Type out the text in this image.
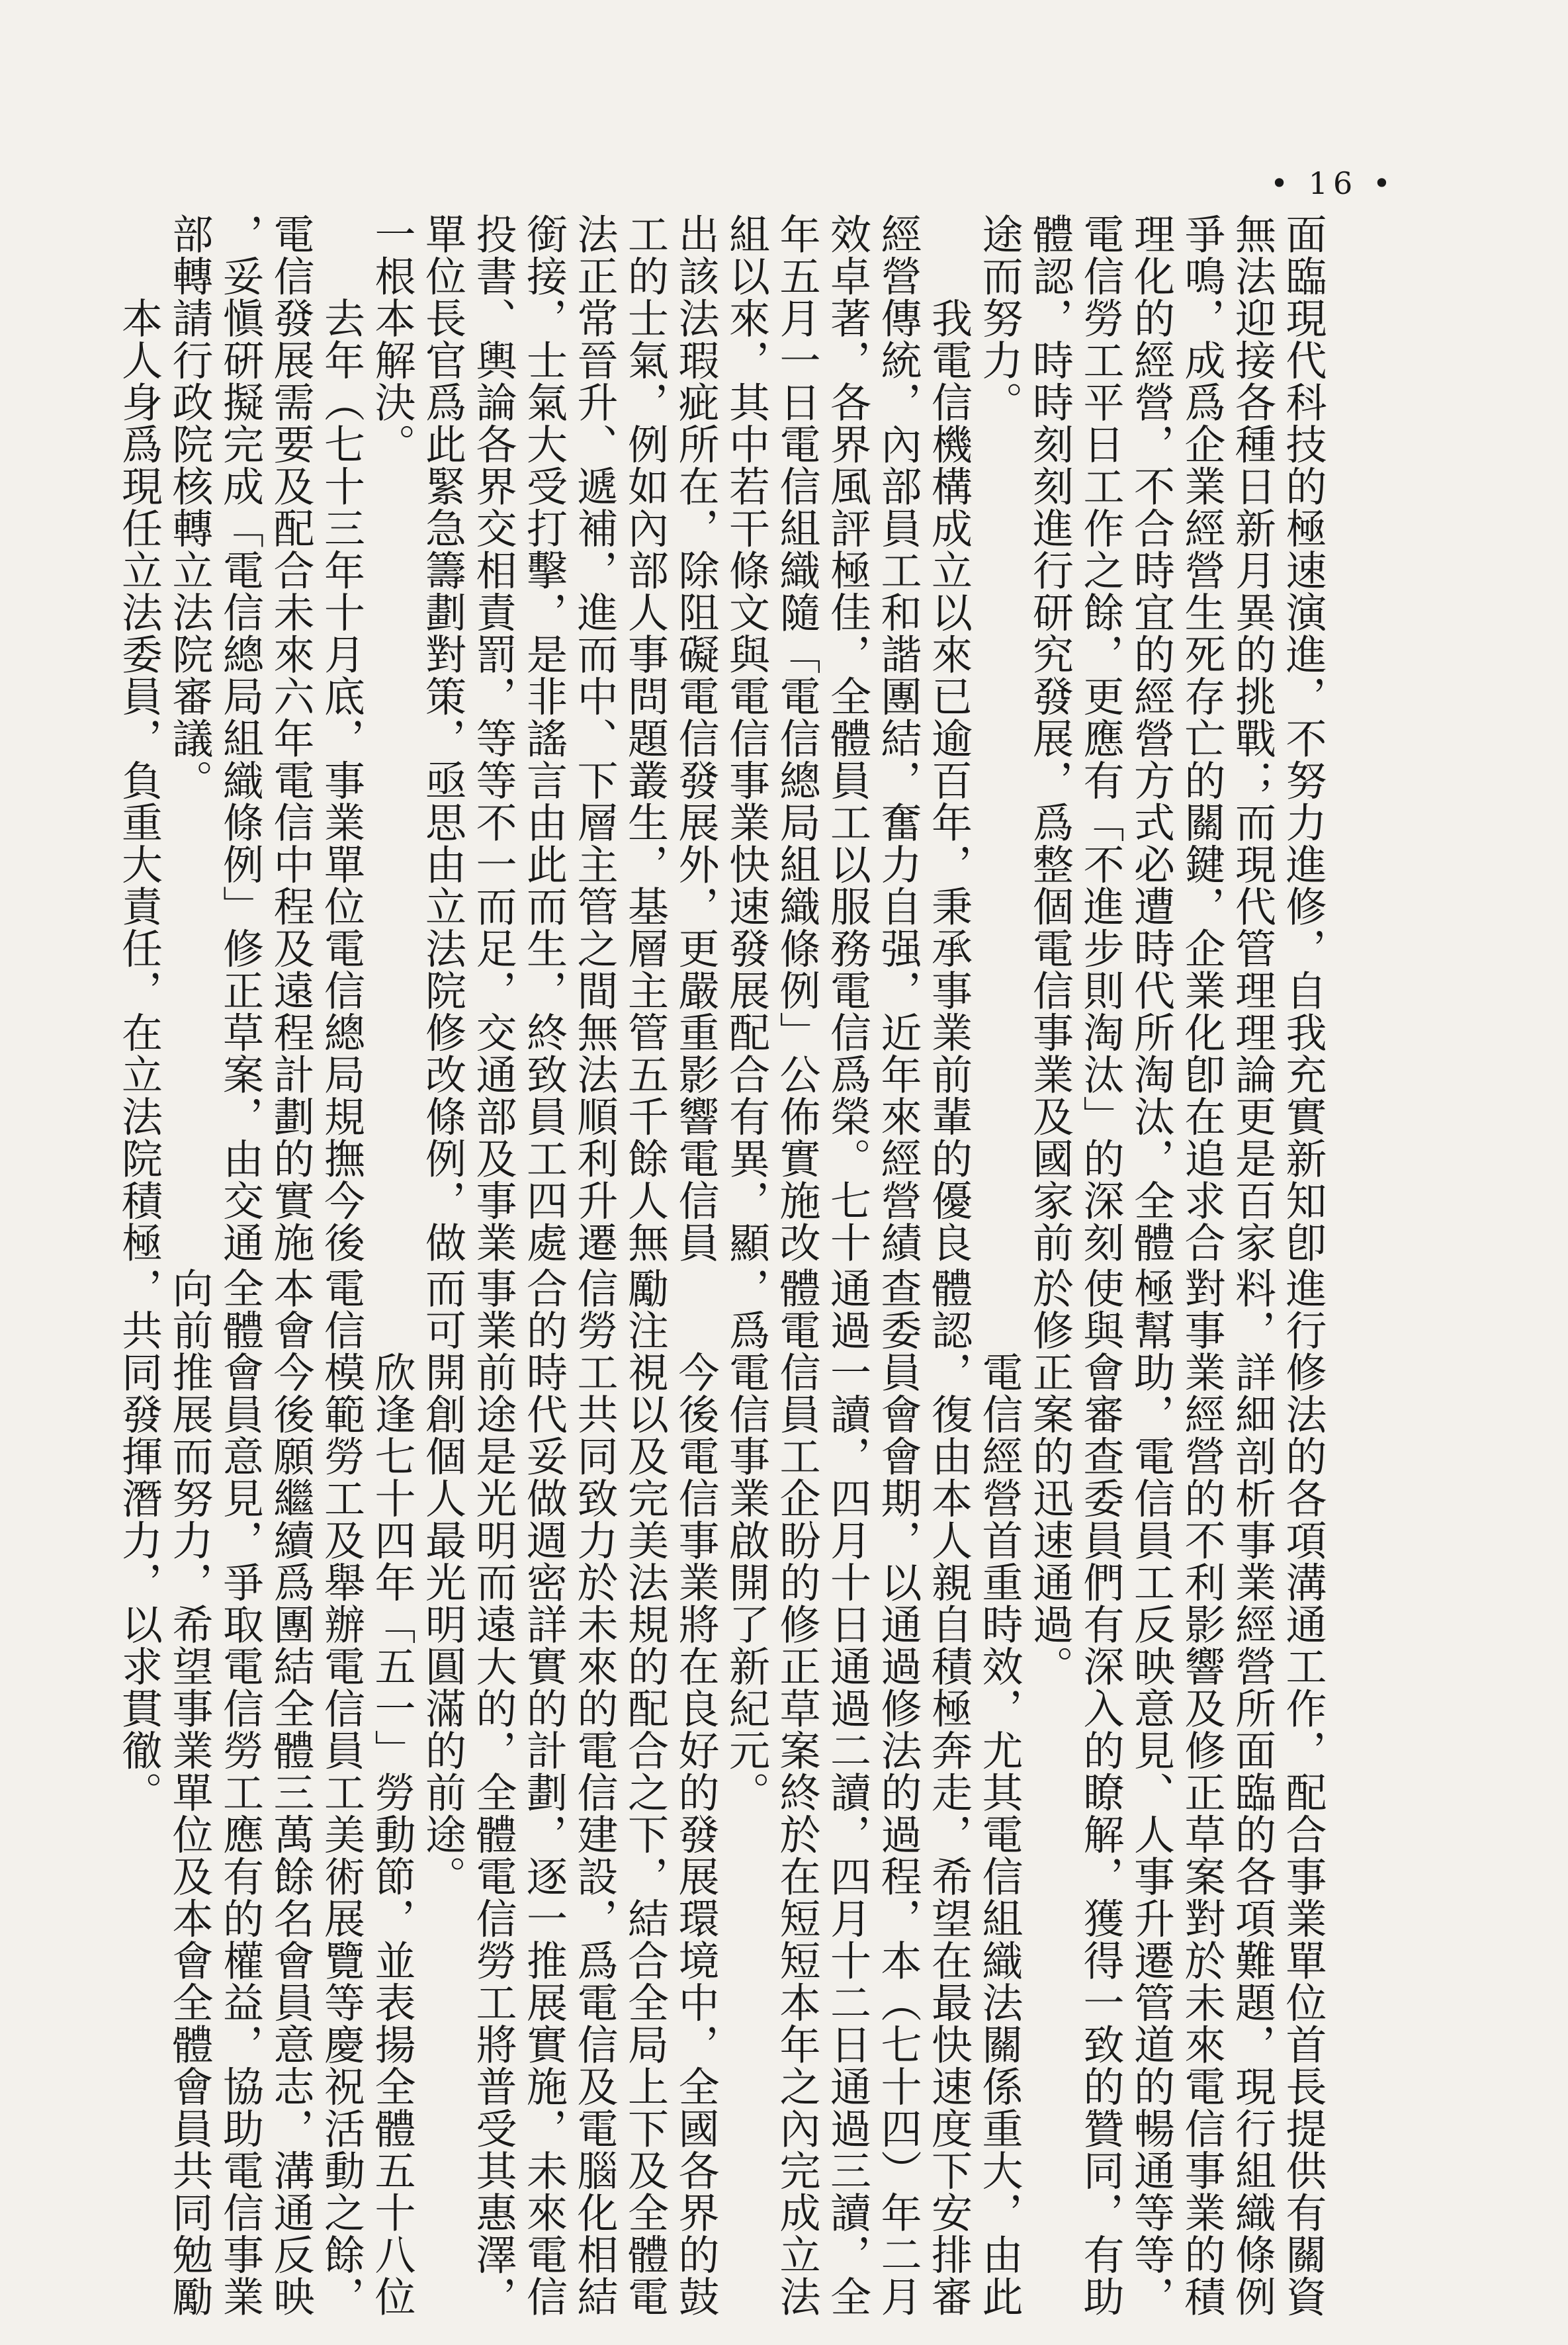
• 16 •
面臨現代科技的極速演進，不努力進修，自我充實新知卽
無法迎接各種日新月異的挑戰；而現代管理理論更是百家
爭鳴，成爲企業經營生死存亡的關鍵，企業化卽在追求合
理化的經營，不合時宜的經營方式必遭時代所淘汰，全體
電信勞工平日工作之餘，更應有「不進步則淘汰」的深刻
體認，時時刻刻進行研究發展，爲整個電信事業及國家前
途而努力。
　　我電信機構成立以來已逾百年，秉承事業前輩的優良
經營傳統，內部員工和諧團結，奮力自强，近年來經營績
效卓著，各界風評極佳，全體員工以服務電信爲榮。七十
年五月一日電信組織隨「電信總局組織條例」公佈實施改
組以來，其中若干條文與電信事業快速發展配合有異，顯
出該法瑕疵所在，除阻礙電信發展外，更嚴重影響電信員
工的士氣，例如內部人事問題叢生，基層主管五千餘人無
法正常晉升、遞補，進而中、下層主管之間無法順利升遷
銜接，士氣大受打擊，是非謠言由此而生，終致員工四處
投書、輿論各界交相責罰，等等不一而足，交通部及事業
單位長官爲此緊急籌劃對策，亟思由立法院修改條例，做
一根本解決。
　　去年（七十三年十月底，事業單位電信總局規撫今後
電信發展需要及配合未來六年電信中程及遠程計劃的實施
，妥愼硏擬完成「電信總局組織條例」修正草案，由交通
部轉請行政院核轉立法院審議。
　　本人身爲現任立法委員，負重大責任，在立法院積極
進行修法的各項溝通工作，配合事業單位首長提供有關資
料，詳細剖析事業經營所面臨的各項難題，現行組織條例
對事業經營的不利影響及修正草案對於未來電信事業的積
極幫助，電信員工反映意見、人事升遷管道的暢通等等，
使與會審查委員們有深入的瞭解，獲得一致的贊同，有助
於修正案的迅速通過。
　　電信經營首重時效，尤其電信組織法關係重大，由此
體認，復由本人親自積極奔走，希望在最快速度下安排審
查委員會會期，以通過修法的過程，本（七十四）年二月
通過一讀，四月十日通過二讀，四月十二日通過三讀，全
體電信員工企盼的修正草案終於在短短本年之內完成立法
，爲電信事業啟開了新紀元。
　　今後電信事業將在良好的發展環境中，全國各界的鼓
勵注視以及完美法規的配合之下，結合全局上下及全體電
信勞工共同致力於未來的電信建設，爲電信及電腦化相結
合的時代妥做週密詳實的計劃，逐一推展實施，未來電信
事業前途是光明而遠大的，全體電信勞工將普受其惠澤，
而可開創個人最光明圓滿的前途。
　　欣逢七十四年「五一」勞動節，並表揚全體五十八位
電信模範勞工及舉辦電信員工美術展覽等慶祝活動之餘，
本會今後願繼續爲團結全體三萬餘名會員意志，溝通反映
全體會員意見，爭取電信勞工應有的權益，協助電信事業
向前推展而努力，希望事業單位及本會全體會員共同勉勵
，共同發揮潛力，以求貫徹。
